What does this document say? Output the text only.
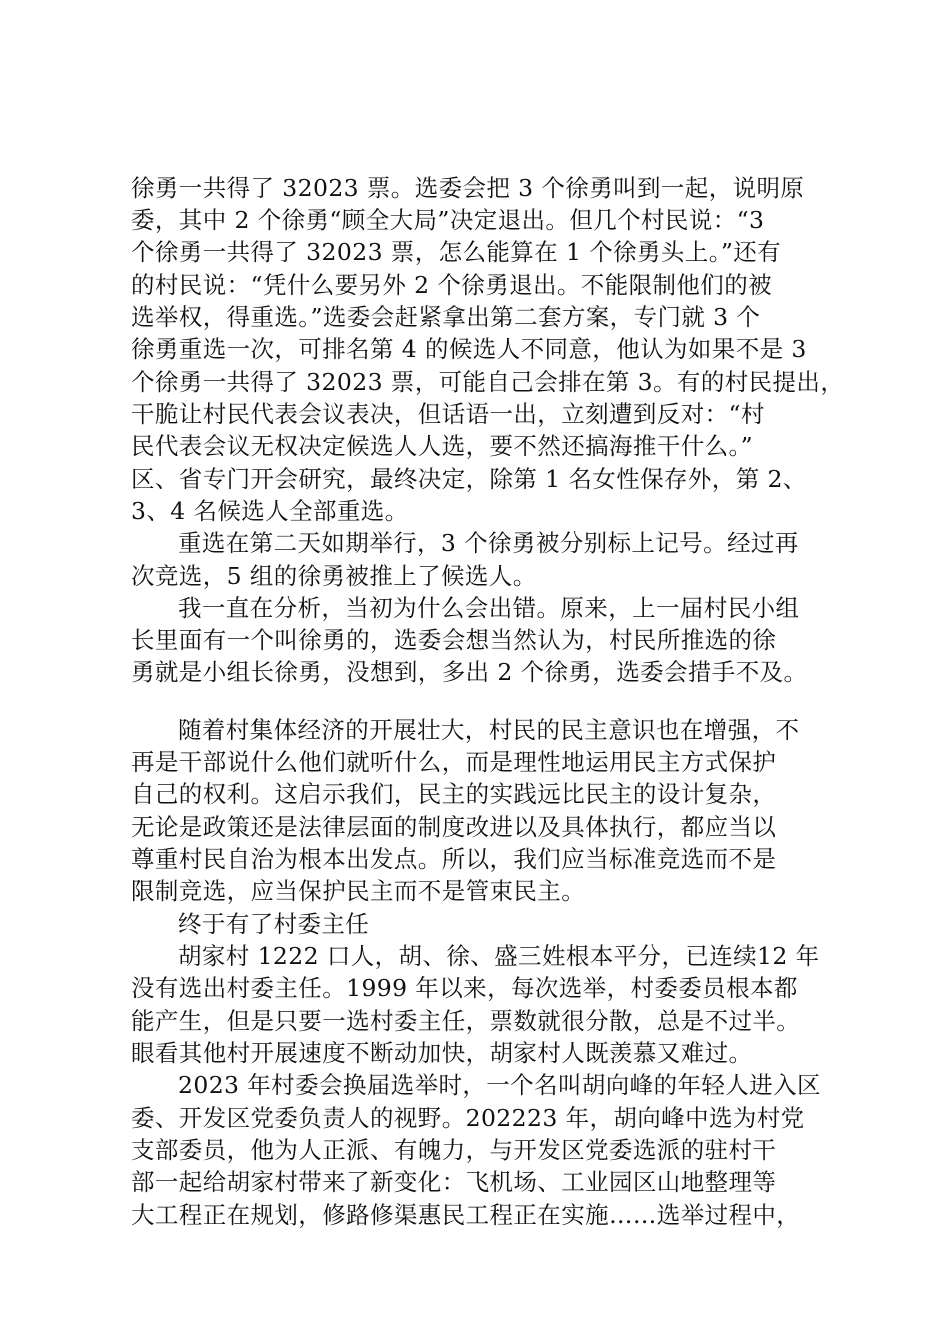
徐勇一共得了 32023 票。选委会把 3 个徐勇叫到一起，说明原
委，其中 2 个徐勇“顾全大局”决定退出。但几个村民说：“3
个徐勇一共得了 32023 票，怎么能算在 1 个徐勇头上。”还有
的村民说：“凭什么要另外 2 个徐勇退出。不能限制他们的被
选举权，得重选。”选委会赶紧拿出第二套方案，专门就 3 个
徐勇重选一次，可排名第 4 的候选人不同意，他认为如果不是 3
个徐勇一共得了 32023 票，可能自己会排在第 3。有的村民提出，
干脆让村民代表会议表决，但话语一出，立刻遭到反对：“村
民代表会议无权决定候选人人选，要不然还搞海推干什么。”
区、省专门开会研究，最终决定，除第 1 名女性保存外，第 2、
3、4 名候选人全部重选。
重选在第二天如期举行，3 个徐勇被分别标上记号。经过再
次竞选，5 组的徐勇被推上了候选人。
我一直在分析，当初为什么会出错。原来，上一届村民小组
长里面有一个叫徐勇的，选委会想当然认为，村民所推选的徐
勇就是小组长徐勇，没想到，多出 2 个徐勇，选委会措手不及。
随着村集体经济的开展壮大，村民的民主意识也在增强，不
再是干部说什么他们就听什么，而是理性地运用民主方式保护
自己的权利。这启示我们，民主的实践远比民主的设计复杂，
无论是政策还是法律层面的制度改进以及具体执行，都应当以
尊重村民自治为根本出发点。所以，我们应当标准竞选而不是
限制竞选，应当保护民主而不是管束民主。
终于有了村委主任
胡家村 1222 口人，胡、徐、盛三姓根本平分，已连续12 年
没有选出村委主任。1999 年以来，每次选举，村委委员根本都
能产生，但是只要一选村委主任，票数就很分散，总是不过半。
眼看其他村开展速度不断动加快，胡家村人既羡慕又难过。
2023 年村委会换届选举时，一个名叫胡向峰的年轻人进入区
委、开发区党委负责人的视野。202223 年，胡向峰中选为村党
支部委员，他为人正派、有魄力，与开发区党委选派的驻村干
部一起给胡家村带来了新变化：飞机场、工业园区山地整理等
大工程正在规划，修路修渠惠民工程正在实施……选举过程中，
